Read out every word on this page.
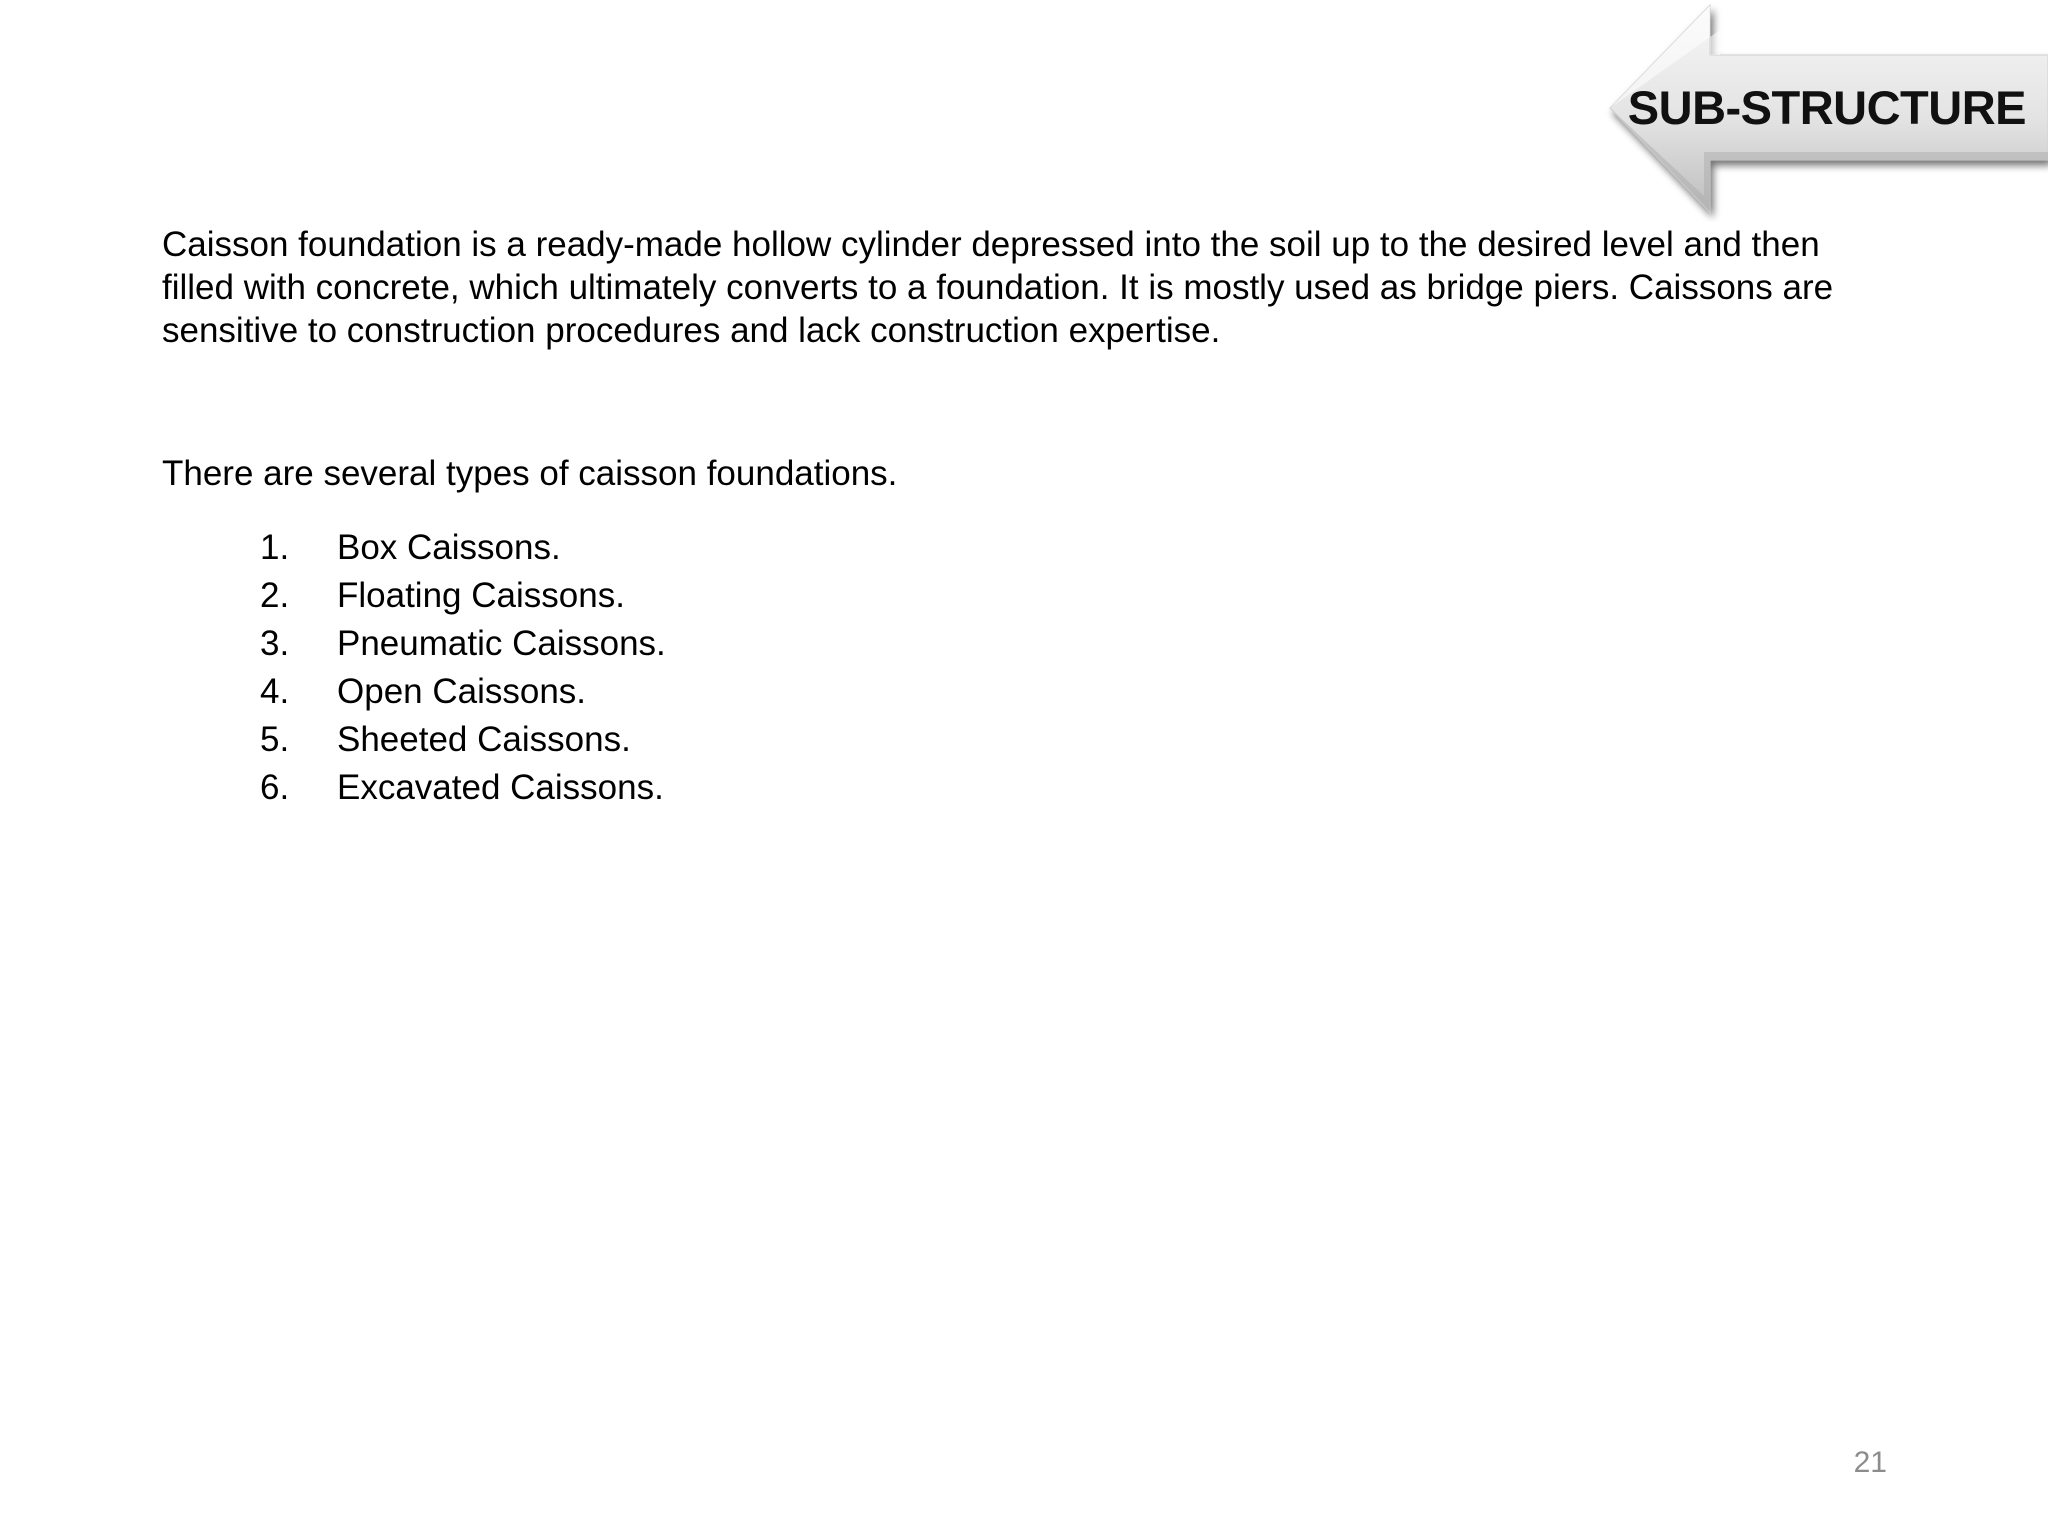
SUB-STRUCTURE

Caisson foundation is a ready-made hollow cylinder depressed into the soil up to the desired level and then filled with concrete, which ultimately converts to a foundation. It is mostly used as bridge piers. Caissons are sensitive to construction procedures and lack construction expertise.

There are several types of caisson foundations.

1. Box Caissons.
2. Floating Caissons.
3. Pneumatic Caissons.
4. Open Caissons.
5. Sheeted Caissons.
6. Excavated Caissons.
21
